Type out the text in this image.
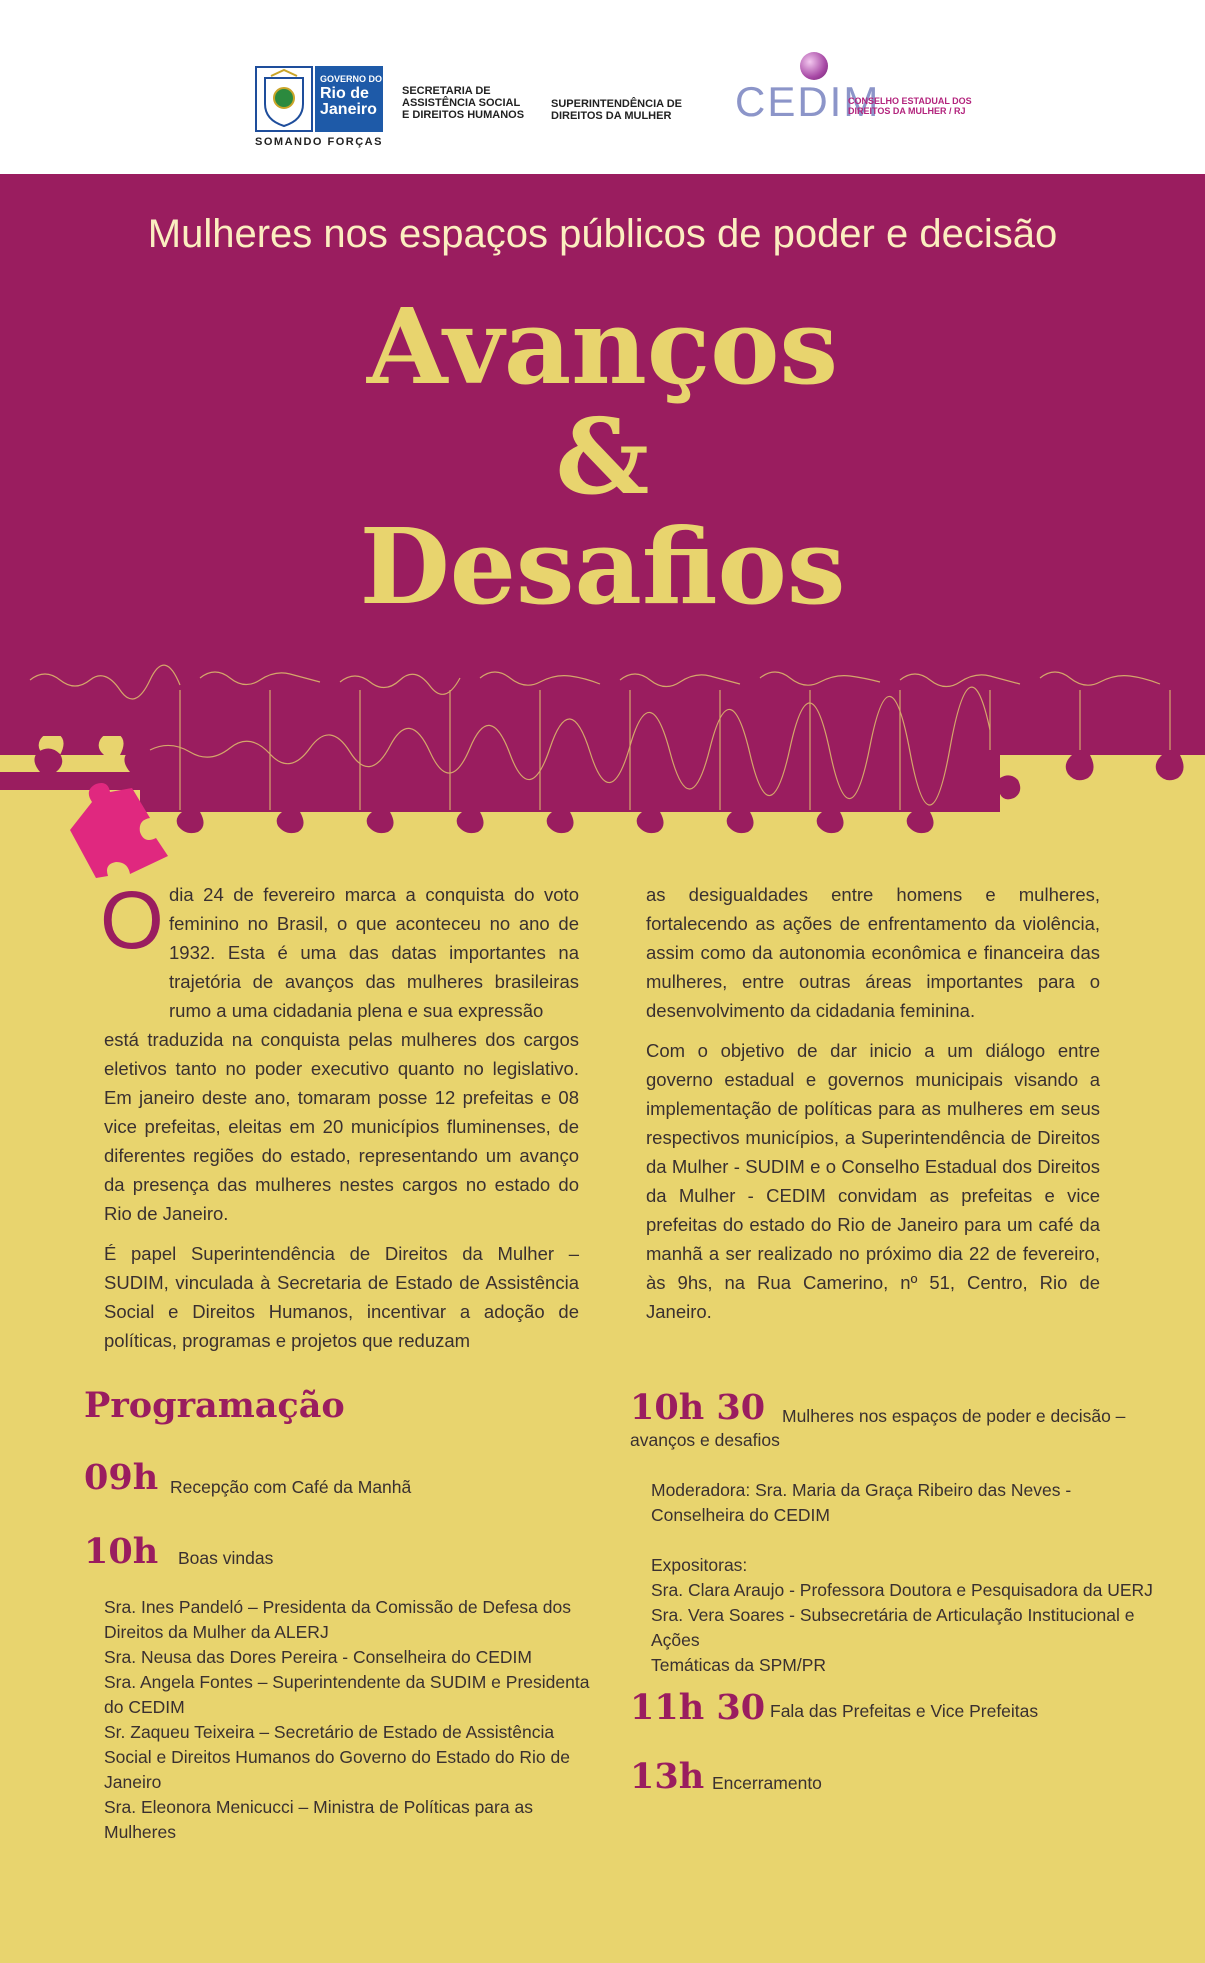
GOVERNO DO
Rio de
Janeiro
SOMANDO FORÇAS
SECRETARIA DE
ASSISTÊNCIA SOCIAL
E DIREITOS HUMANOS
SUPERINTENDÊNCIA DE
DIREITOS DA MULHER CEDIM
CONSELHO ESTADUAL DOS
DIREITOS DA MULHER / RJ
Mulheres nos espaços públicos de poder e decisão
Avanços
&
Desafios
O dia 24 de fevereiro marca a conquista do voto feminino no Brasil, o que aconteceu no ano de 1932. Esta é uma das datas importantes na trajetória de avanços das mulheres brasileiras rumo a uma cidadania plena e sua expressão

está traduzida na conquista pelas mulheres dos cargos eletivos tanto no poder executivo quanto no legislativo. Em janeiro deste ano, tomaram posse 12 prefeitas e 08 vice prefeitas, eleitas em 20 municípios fluminenses, de diferentes regiões do estado, representando um avanço da presença das mulheres nestes cargos no estado do Rio de Janeiro.

É papel Superintendência de Direitos da Mulher – SUDIM, vinculada à Secretaria de Estado de Assistência Social e Direitos Humanos, incentivar a adoção de políticas, programas e projetos que reduzam

as desigualdades entre homens e mulheres, fortalecendo as ações de enfrentamento da violência, assim como da autonomia econômica e financeira das mulheres, entre outras áreas importantes para o desenvolvimento da cidadania feminina.

Com o objetivo de dar inicio a um diálogo entre governo estadual e governos municipais visando a implementação de políticas para as mulheres em seus respectivos municípios, a Superintendência de Direitos da Mulher - SUDIM e o Conselho Estadual dos Direitos da Mulher - CEDIM convidam as prefeitas e vice prefeitas do estado do Rio de Janeiro para um café da manhã a ser realizado no próximo dia 22 de fevereiro, às 9hs, na Rua Camerino, nº 51, Centro, Rio de Janeiro.

Programação
09h Recepção com Café da Manhã
10h Boas vindas
Sra. Ines Pandeló – Presidenta da Comissão de Defesa dos Direitos da Mulher da ALERJ
Sra. Neusa das Dores Pereira - Conselheira do CEDIM
Sra. Angela Fontes – Superintendente da SUDIM e Presidenta do CEDIM
Sr. Zaqueu Teixeira – Secretário de Estado de Assistência Social e Direitos Humanos do Governo do Estado do Rio de Janeiro
Sra. Eleonora Menicucci – Ministra de Políticas para as Mulheres
10h 30 Mulheres nos espaços de poder e decisão –
avanços e desafios
Moderadora: Sra. Maria da Graça Ribeiro das Neves -
Conselheira do CEDIM
Expositoras:
Sra. Clara Araujo - Professora Doutora e Pesquisadora da UERJ
Sra. Vera Soares - Subsecretária de Articulação Institucional e Ações
Temáticas da SPM/PR
11h 30 Fala das Prefeitas e Vice Prefeitas
13h Encerramento
